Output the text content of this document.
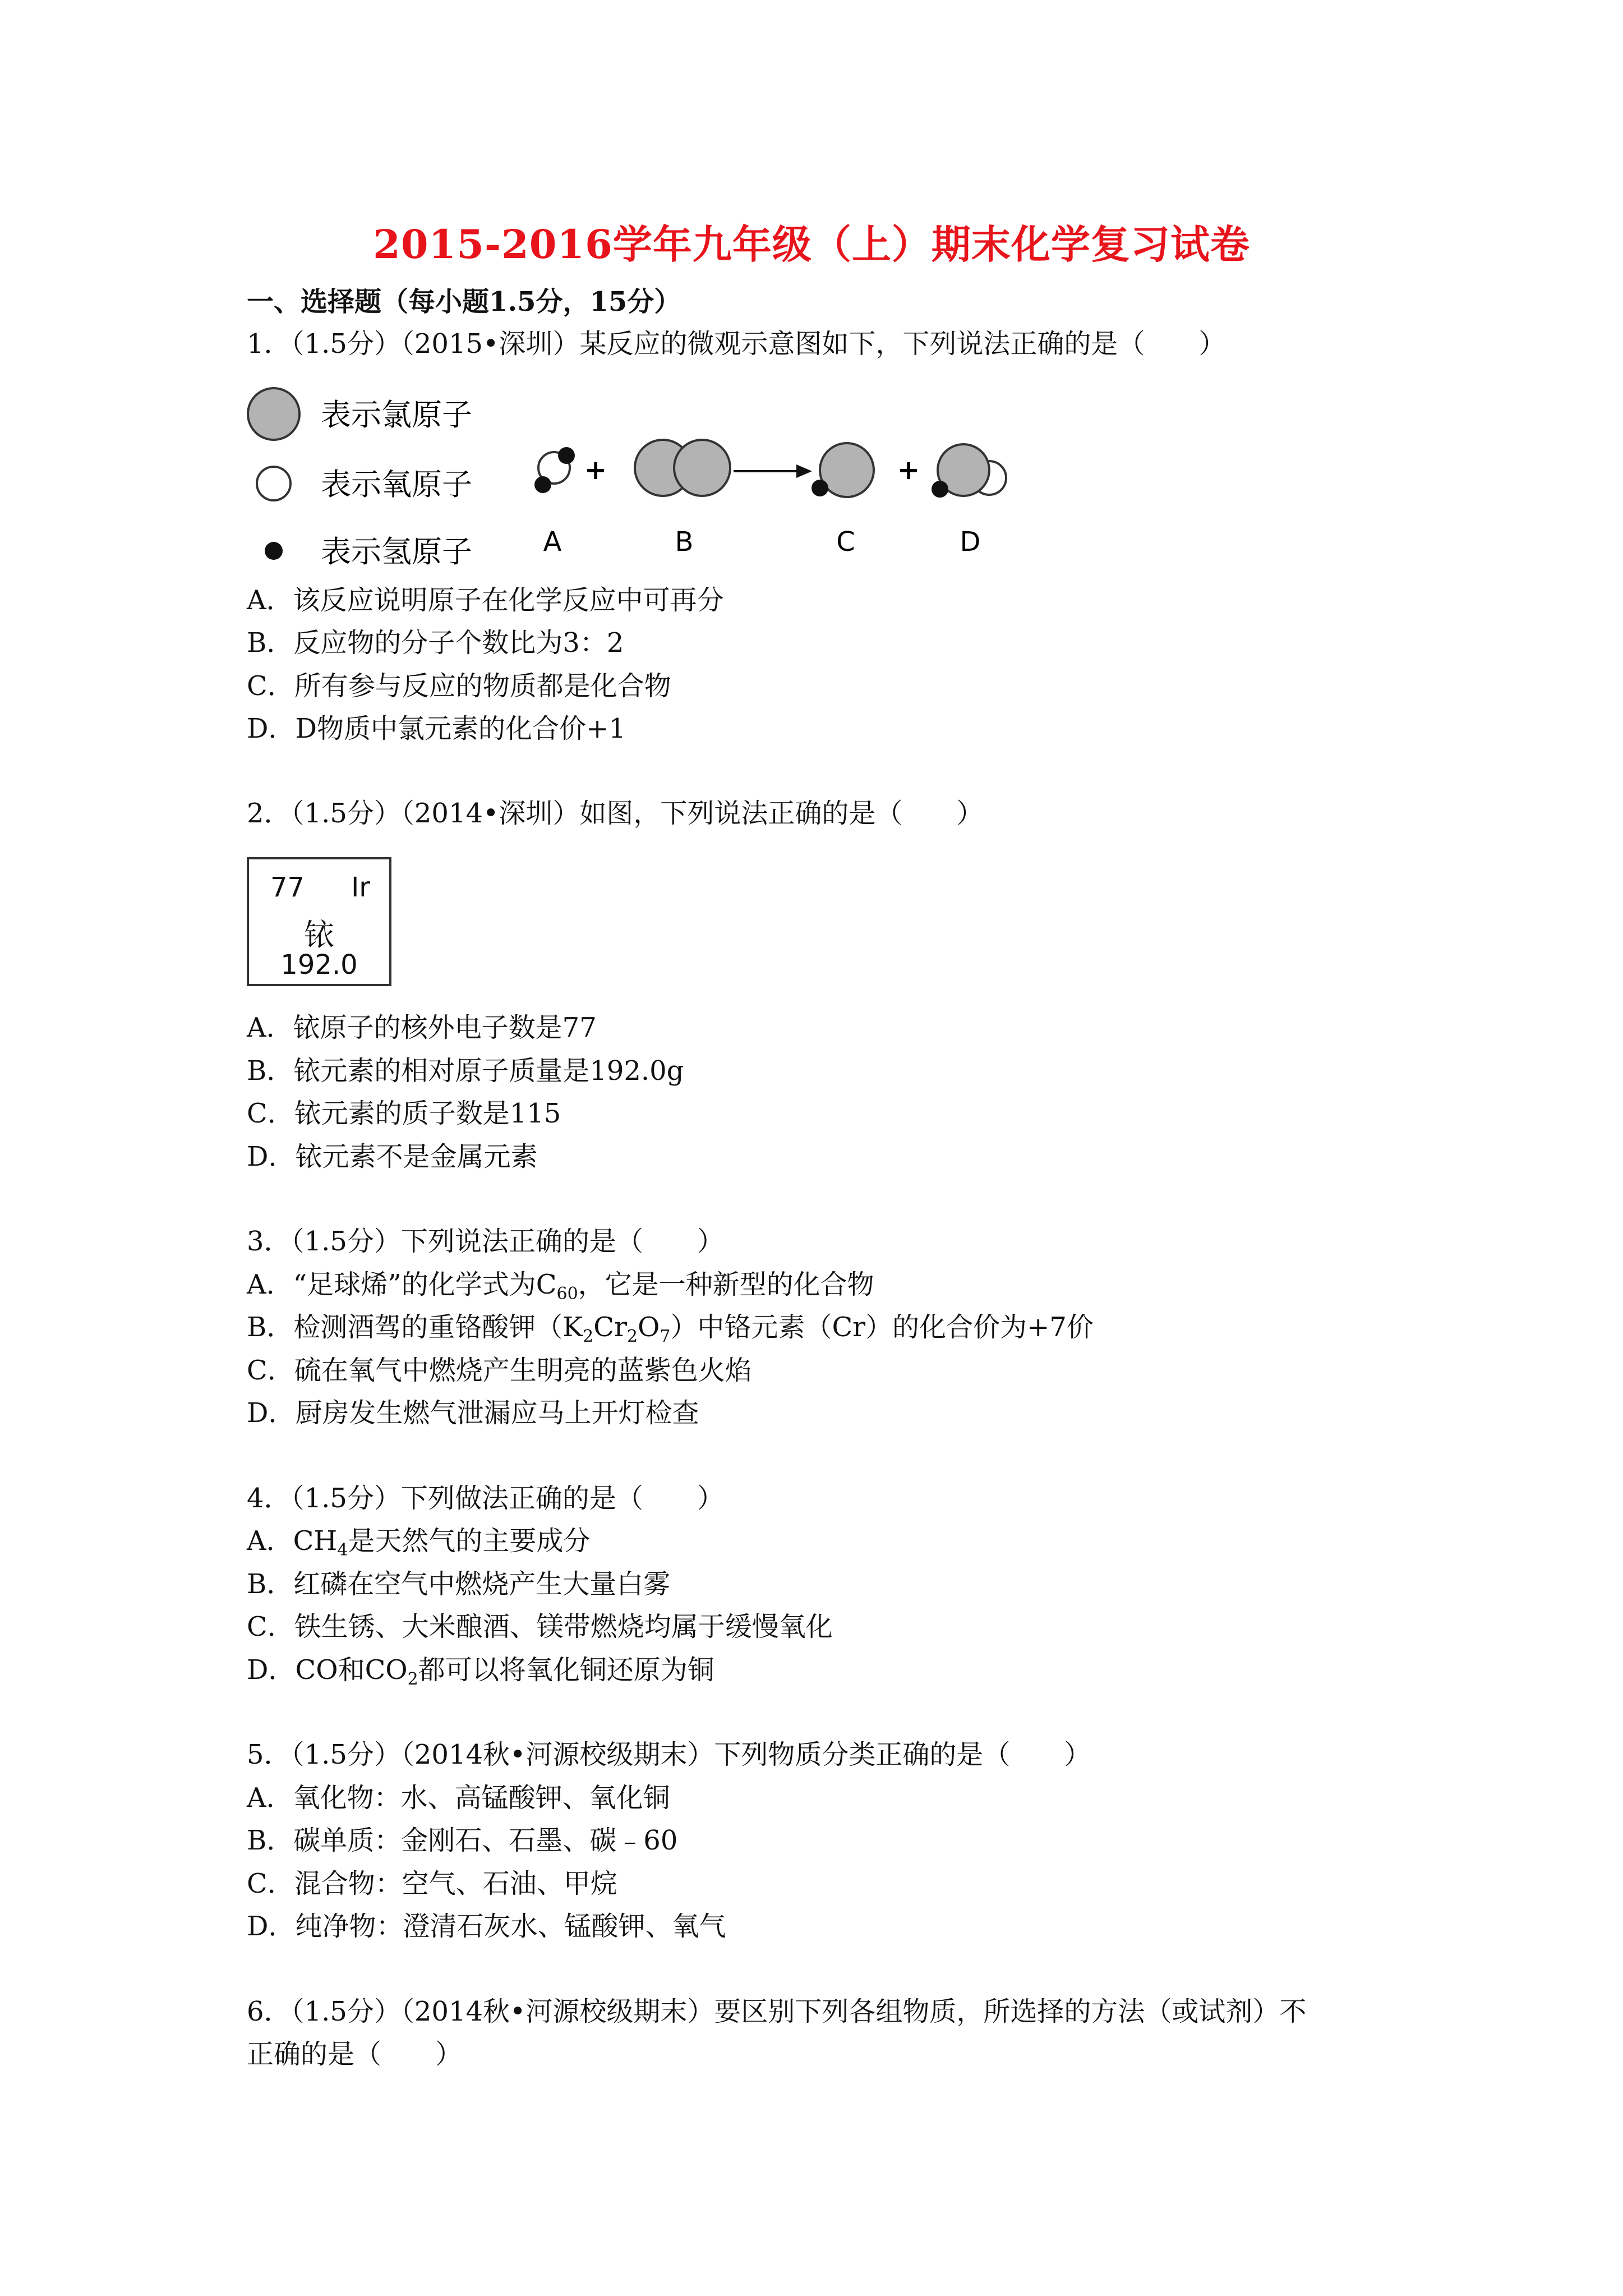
2015-2016学年九年级（上）期末化学复习试卷
一、选择题（每小题1.5分，15分）
1．（1.5分）（2015•深圳）某反应的微观示意图如下，下列说法正确的是（　　）
表示氯原子
表示氧原子
表示氢原子
+	+
A	B	C	D
A．该反应说明原子在化学反应中可再分
B．反应物的分子个数比为3：2
C．所有参与反应的物质都是化合物
D．D物质中氯元素的化合价+1
2．（1.5分）（2014•深圳）如图，下列说法正确的是（　　）
77 Ir
铱
192.0
A．铱原子的核外电子数是77
B．铱元素的相对原子质量是192.0g
C．铱元素的质子数是115
D．铱元素不是金属元素
3．（1.5分）下列说法正确的是（　　）
A．“足球烯”的化学式为$C_{60}$，它是一种新型的化合物
B．检测酒驾的重铬酸钾$(K_2Cr_2O_7)$中铬元素（Cr）的化合价为+7价
C．硫在氧气中燃烧产生明亮的蓝紫色火焰
D．厨房发生燃气泄漏应马上开灯检查
4．（1.5分）下列做法正确的是（　　）
A．$CH_4$是天然气的主要成分
B．红磷在空气中燃烧产生大量白雾
C．铁生锈、大米酿酒、镁带燃烧均属于缓慢氧化
D．CO和$CO_2$都可以将氧化铜还原为铜
5．（1.5分）（2014秋•河源校级期末）下列物质分类正确的是（　　）
A．氧化物：水、高锰酸钾、氧化铜
B．碳单质：金刚石、石墨、碳﹣60
C．混合物：空气、石油、甲烷
D．纯净物：澄清石灰水、锰酸钾、氧气
6．（1.5分）（2014秋•河源校级期末）要区别下列各组物质，所选择的方法（或试剂）不
正确的是（　　）
